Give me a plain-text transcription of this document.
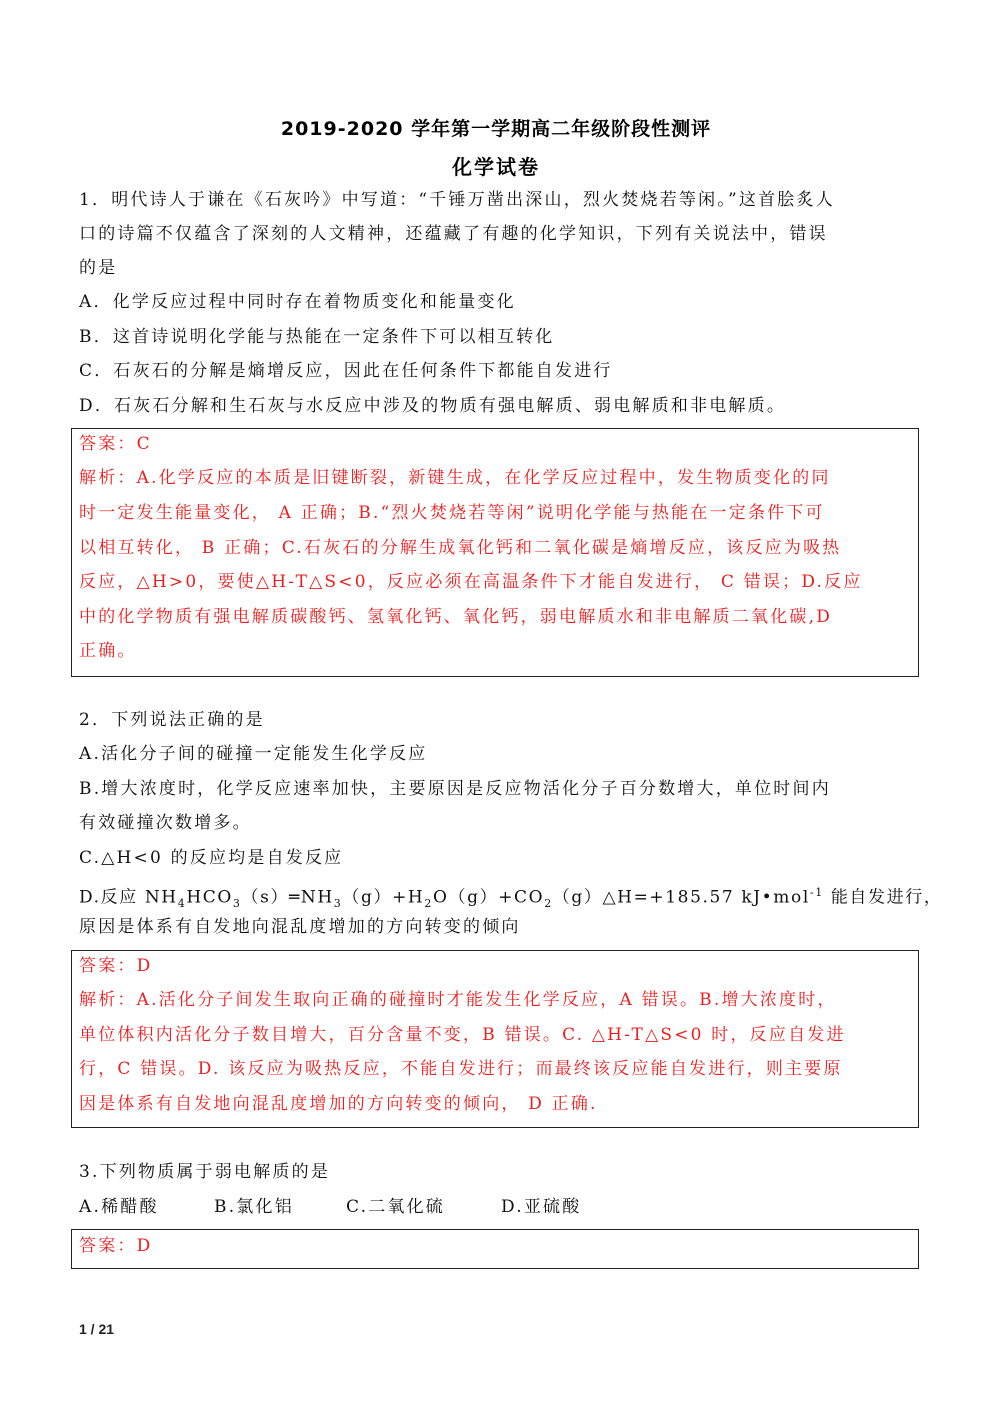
2019-2020 学年第一学期高二年级阶段性测评
化学试卷
1．明代诗人于谦在《石灰吟》中写道：“千锤万凿出深山，烈火焚烧若等闲。”这首脍炙人
口的诗篇不仅蕴含了深刻的人文精神，还蕴藏了有趣的化学知识，下列有关说法中，错误
的是
A．化学反应过程中同时存在着物质变化和能量变化
B．这首诗说明化学能与热能在一定条件下可以相互转化
C．石灰石的分解是熵增反应，因此在任何条件下都能自发进行
D．石灰石分解和生石灰与水反应中涉及的物质有强电解质、弱电解质和非电解质。
答案：C
解析：A.化学反应的本质是旧键断裂，新键生成，在化学反应过程中，发生物质变化的同
时一定发生能量变化， A 正确；B.“烈火焚烧若等闲”说明化学能与热能在一定条件下可
以相互转化， B 正确；C.石灰石的分解生成氧化钙和二氧化碳是熵增反应，该反应为吸热
反应，△H>0，要使△H-T△S<0，反应必须在高温条件下才能自发进行， C 错误；D.反应
中的化学物质有强电解质碳酸钙、氢氧化钙、氧化钙，弱电解质水和非电解质二氧化碳,D
正确。
2．下列说法正确的是
A.活化分子间的碰撞一定能发生化学反应
B.增大浓度时，化学反应速率加快，主要原因是反应物活化分子百分数增大，单位时间内
有效碰撞次数增多。
C.△H<0 的反应均是自发反应
D.反应 $NH_4HCO_3(s)═NH_3(g)+H_2O(g)+CO_2(g)\triangle H=+185.57$ kJ•mol$^{-1}$ 能自发进行，
原因是体系有自发地向混乱度增加的方向转变的倾向
答案：D
解析：A.活化分子间发生取向正确的碰撞时才能发生化学反应，A 错误。B.增大浓度时，
单位体积内活化分子数目增大，百分含量不变，B 错误。C. △H-T△S<0 时，反应自发进
行，C 错误。D. 该反应为吸热反应，不能自发进行；而最终该反应能自发进行，则主要原
因是体系有自发地向混乱度增加的方向转变的倾向， D 正确.
3.下列物质属于弱电解质的是
A.稀醋酸	B.氯化铝	C.二氧化硫	D.亚硫酸
答案：D
1 / 21
